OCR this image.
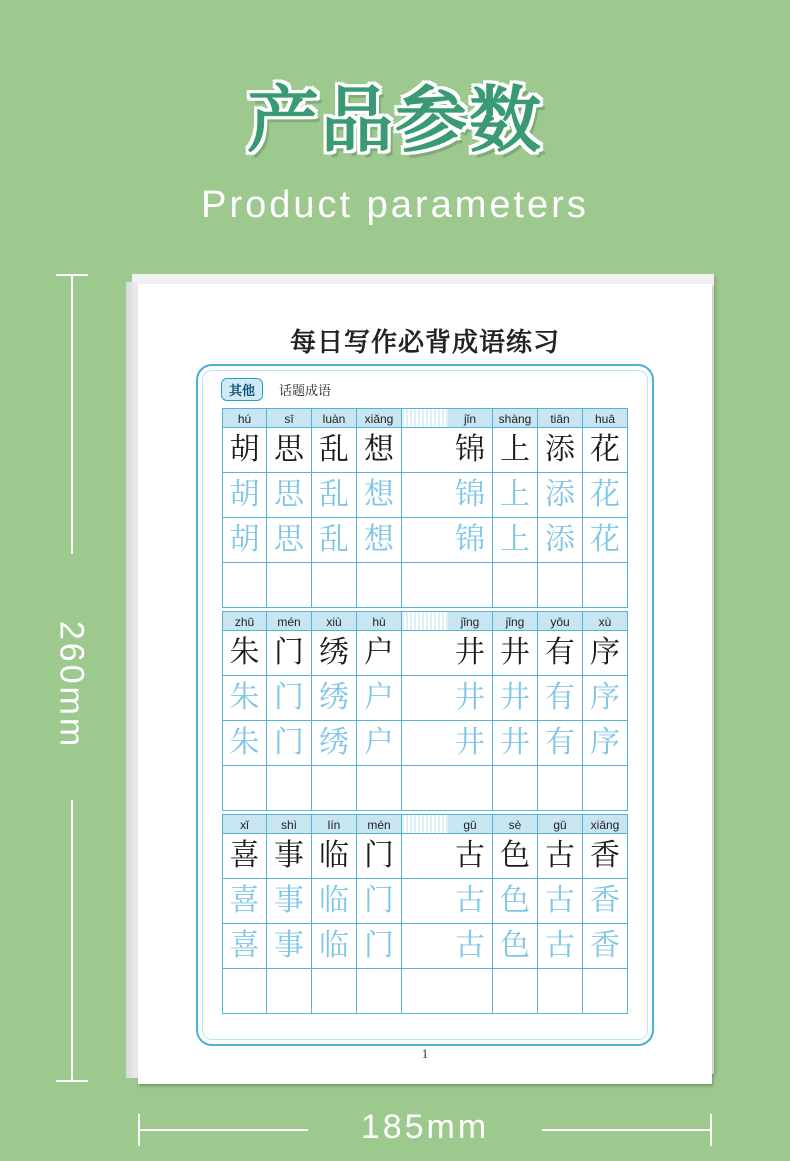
产品参数
Product parameters
260mm
185mm
每日写作必背成语练习
其他	话题成语
hú	sī	luàn	xiǎng	jǐn	shàng	tiān	huā
胡 思 乱 想 锦 上 添 花
胡 思 乱 想 锦 上 添 花
胡 思 乱 想 锦 上 添 花
zhū	mén	xiù	hù	jǐng	jǐng	yǒu	xù
朱 门 绣 户 井 井 有 序
朱 门 绣 户 井 井 有 序
朱 门 绣 户 井 井 有 序
xǐ	shì	lín	mén	gǔ	sè	gǔ	xiāng
喜 事 临 门 古 色 古 香
喜 事 临 门 古 色 古 香
喜 事 临 门 古 色 古 香
1
